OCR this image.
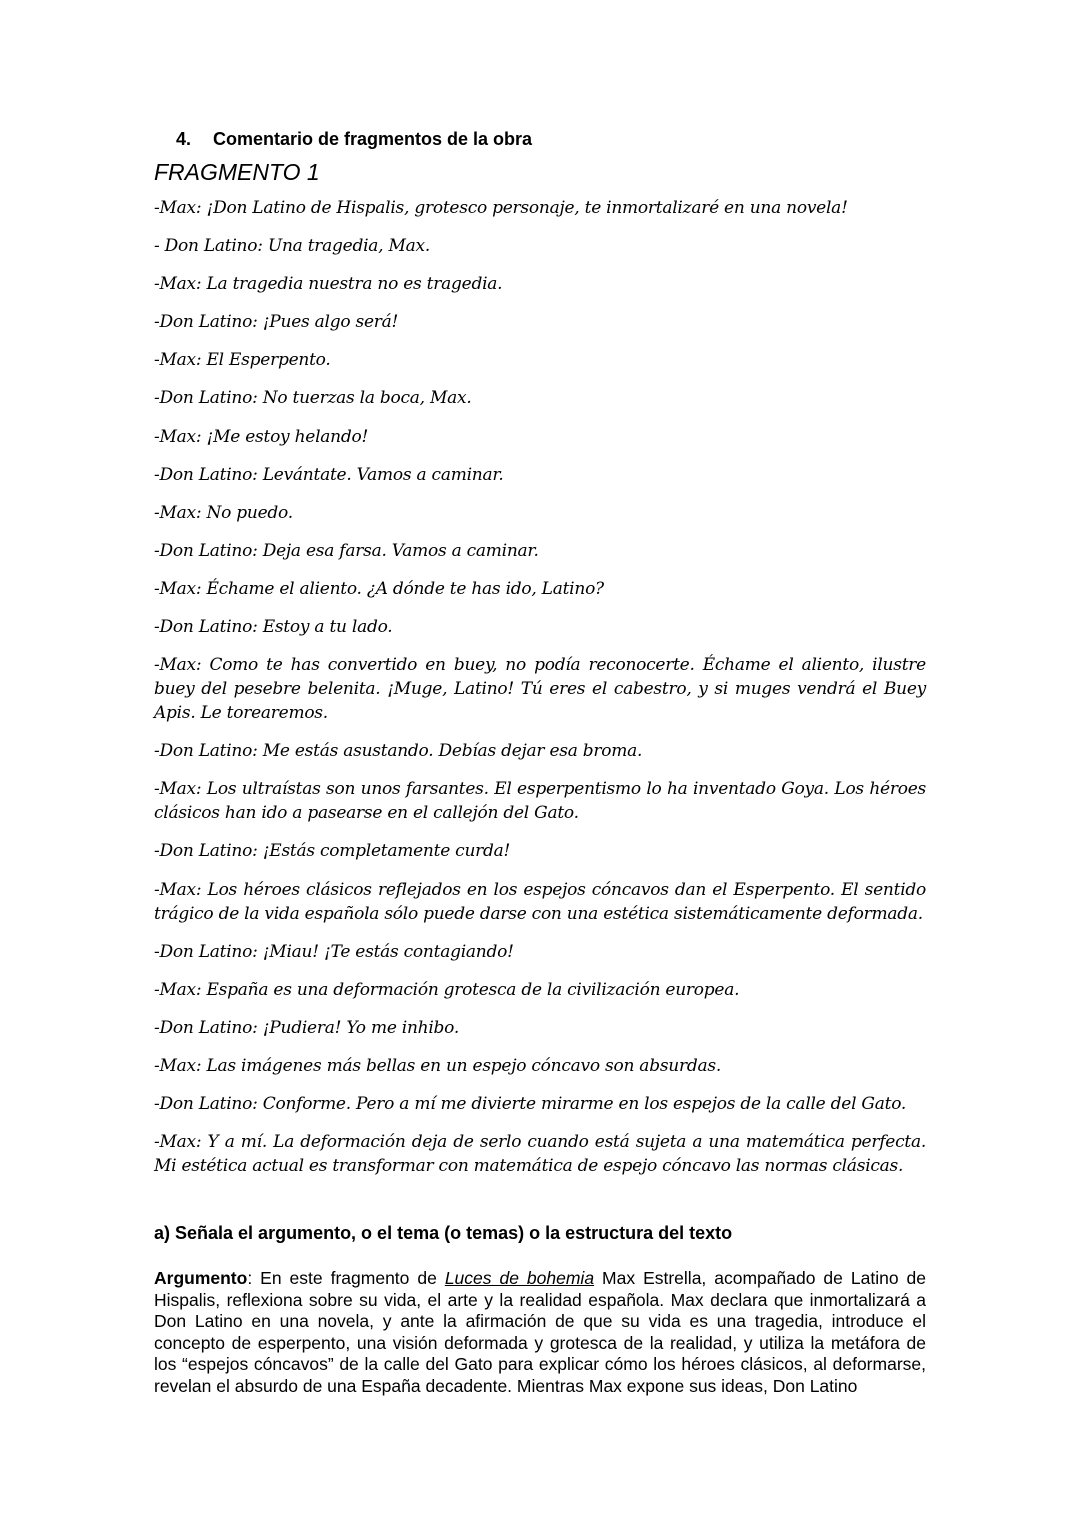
4. Comentario de fragmentos de la obra
FRAGMENTO 1

-Max: ¡Don Latino de Hispalis, grotesco personaje, te inmortalizaré en una novela!

- Don Latino: Una tragedia, Max.

-Max: La tragedia nuestra no es tragedia.

-Don Latino: ¡Pues algo será!

-Max: El Esperpento.

-Don Latino: No tuerzas la boca, Max.

-Max: ¡Me estoy helando!

-Don Latino: Levántate. Vamos a caminar.

-Max: No puedo.

-Don Latino: Deja esa farsa. Vamos a caminar.

-Max: Échame el aliento. ¿A dónde te has ido, Latino?

-Don Latino: Estoy a tu lado.

-Max: Como te has convertido en buey, no podía reconocerte. Échame el aliento, ilustre buey del pesebre belenita. ¡Muge, Latino! Tú eres el cabestro, y si muges vendrá el Buey Apis. Le torearemos.

-Don Latino: Me estás asustando. Debías dejar esa broma.

-Max: Los ultraístas son unos farsantes. El esperpentismo lo ha inventado Goya. Los héroes clásicos han ido a pasearse en el callejón del Gato.

-Don Latino: ¡Estás completamente curda!

-Max: Los héroes clásicos reflejados en los espejos cóncavos dan el Esperpento. El sentido trágico de la vida española sólo puede darse con una estética sistemáticamente deformada.

-Don Latino: ¡Miau! ¡Te estás contagiando!

-Max: España es una deformación grotesca de la civilización europea.

-Don Latino: ¡Pudiera! Yo me inhibo.

-Max: Las imágenes más bellas en un espejo cóncavo son absurdas.

-Don Latino: Conforme. Pero a mí me divierte mirarme en los espejos de la calle del Gato.

-Max: Y a mí. La deformación deja de serlo cuando está sujeta a una matemática perfecta. Mi estética actual es transformar con matemática de espejo cóncavo las normas clásicas.

a) Señala el argumento, o el tema (o temas) o la estructura del texto

Argumento: En este fragmento de Luces de bohemia Max Estrella, acompañado de Latino de Hispalis, reflexiona sobre su vida, el arte y la realidad española. Max declara que inmortalizará a Don Latino en una novela, y ante la afirmación de que su vida es una tragedia, introduce el concepto de esperpento, una visión deformada y grotesca de la realidad, y utiliza la metáfora de los “espejos cóncavos” de la calle del Gato para explicar cómo los héroes clásicos, al deformarse, revelan el absurdo de una España decadente. Mientras Max expone sus ideas, Don Latino
